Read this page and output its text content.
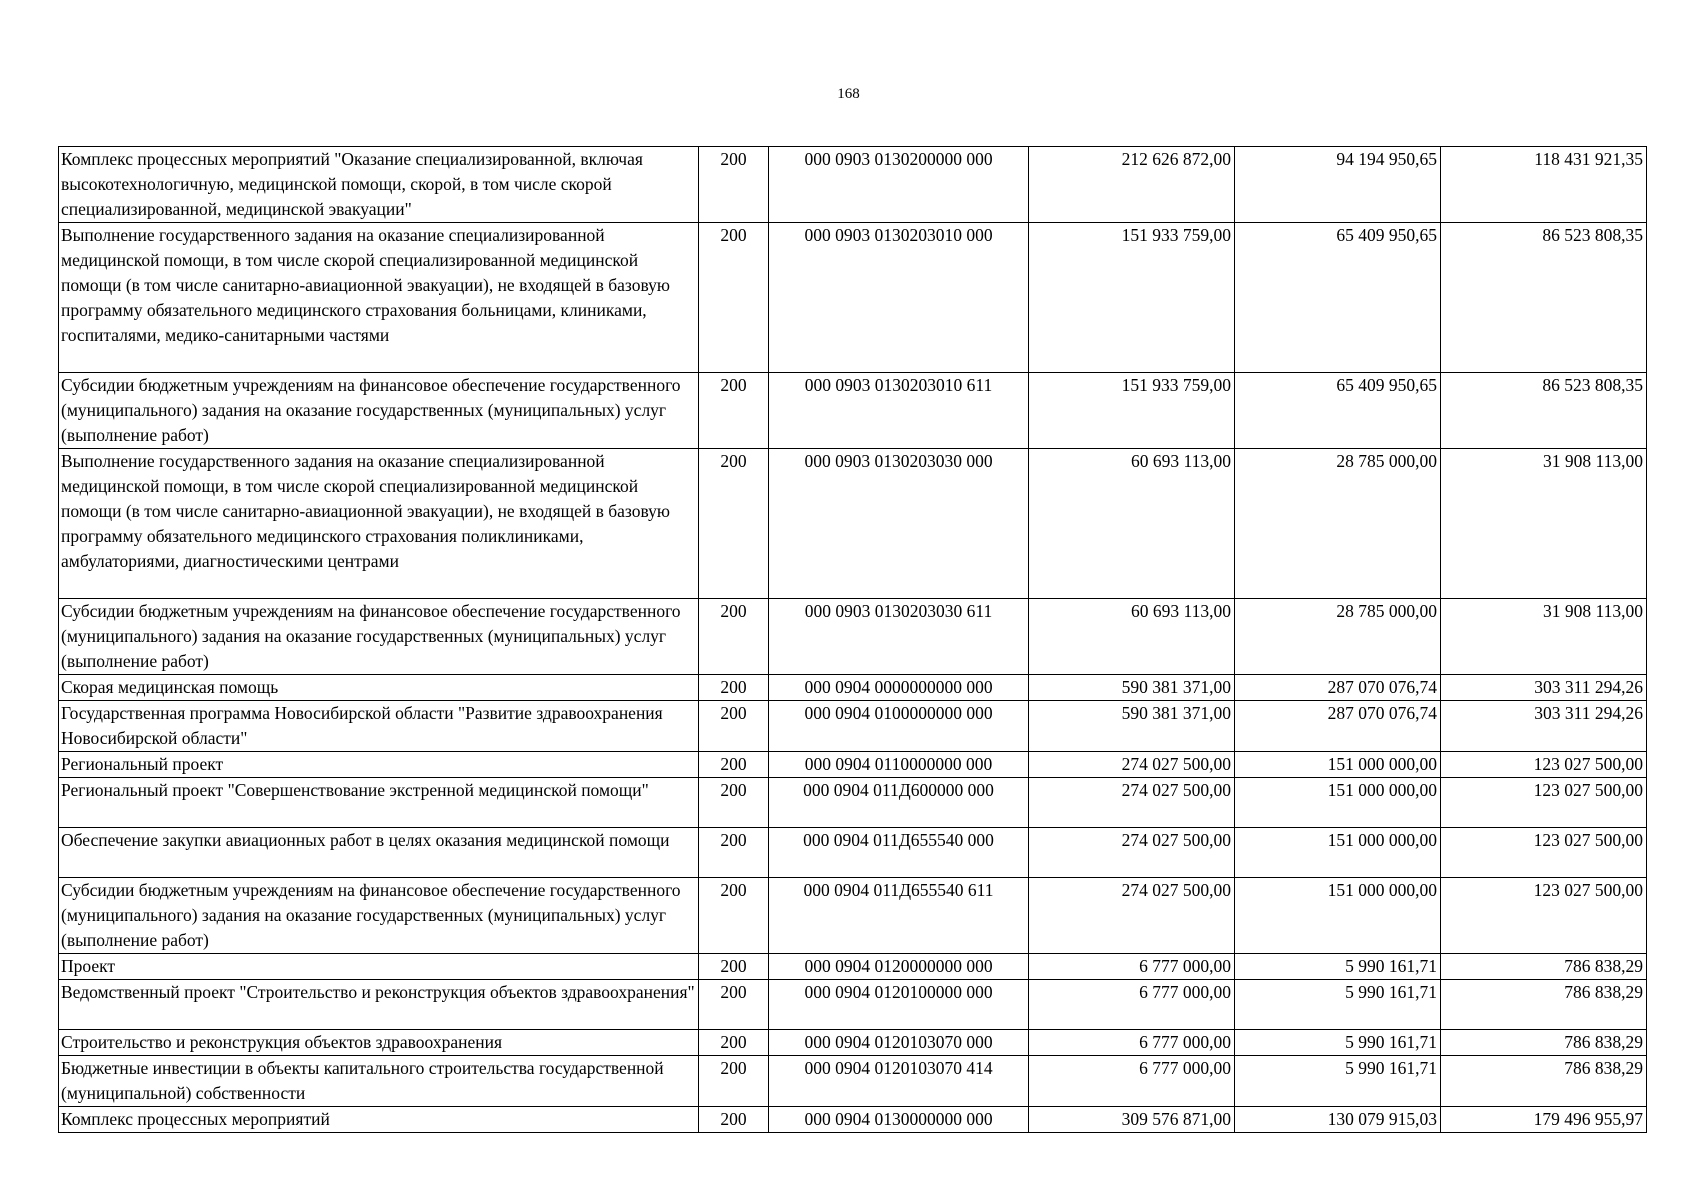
168
Комплекс процессных мероприятий "Оказание специализированной, включая высокотехнологичную, медицинской помощи, скорой, в том числе скорой специализированной, медицинской эвакуации"	200	000 0903 0130200000 000	212 626 872,00	94 194 950,65	118 431 921,35
Выполнение государственного задания на оказание специализированной медицинской помощи, в том числе скорой специализированной медицинской помощи (в том числе санитарно-авиационной эвакуации), не входящей в базовую программу обязательного медицинского страхования больницами, клиниками, госпиталями, медико-санитарными частями	200	000 0903 0130203010 000	151 933 759,00	65 409 950,65	86 523 808,35
Субсидии бюджетным учреждениям на финансовое обеспечение государственного (муниципального) задания на оказание государственных (муниципальных) услуг (выполнение работ)	200	000 0903 0130203010 611	151 933 759,00	65 409 950,65	86 523 808,35
Выполнение государственного задания на оказание специализированной медицинской помощи, в том числе скорой специализированной медицинской помощи (в том числе санитарно-авиационной эвакуации), не входящей в базовую программу обязательного медицинского страхования поликлиниками, амбулаториями, диагностическими центрами	200	000 0903 0130203030 000	60 693 113,00	28 785 000,00	31 908 113,00
Субсидии бюджетным учреждениям на финансовое обеспечение государственного (муниципального) задания на оказание государственных (муниципальных) услуг (выполнение работ)	200	000 0903 0130203030 611	60 693 113,00	28 785 000,00	31 908 113,00
Скорая медицинская помощь	200	000 0904 0000000000 000	590 381 371,00	287 070 076,74	303 311 294,26
Государственная программа Новосибирской области "Развитие здравоохранения Новосибирской области"	200	000 0904 0100000000 000	590 381 371,00	287 070 076,74	303 311 294,26
Региональный проект	200	000 0904 0110000000 000	274 027 500,00	151 000 000,00	123 027 500,00
Региональный проект "Совершенствование экстренной медицинской помощи"	200	000 0904 011Д600000 000	274 027 500,00	151 000 000,00	123 027 500,00
Обеспечение закупки авиационных работ в целях оказания медицинской помощи	200	000 0904 011Д655540 000	274 027 500,00	151 000 000,00	123 027 500,00
Субсидии бюджетным учреждениям на финансовое обеспечение государственного (муниципального) задания на оказание государственных (муниципальных) услуг (выполнение работ)	200	000 0904 011Д655540 611	274 027 500,00	151 000 000,00	123 027 500,00
Проект	200	000 0904 0120000000 000	6 777 000,00	5 990 161,71	786 838,29
Ведомственный проект "Строительство и реконструкция объектов здравоохранения"	200	000 0904 0120100000 000	6 777 000,00	5 990 161,71	786 838,29
Строительство и реконструкция объектов здравоохранения	200	000 0904 0120103070 000	6 777 000,00	5 990 161,71	786 838,29
Бюджетные инвестиции в объекты капитального строительства государственной (муниципальной) собственности	200	000 0904 0120103070 414	6 777 000,00	5 990 161,71	786 838,29
Комплекс процессных мероприятий	200	000 0904 0130000000 000	309 576 871,00	130 079 915,03	179 496 955,97
